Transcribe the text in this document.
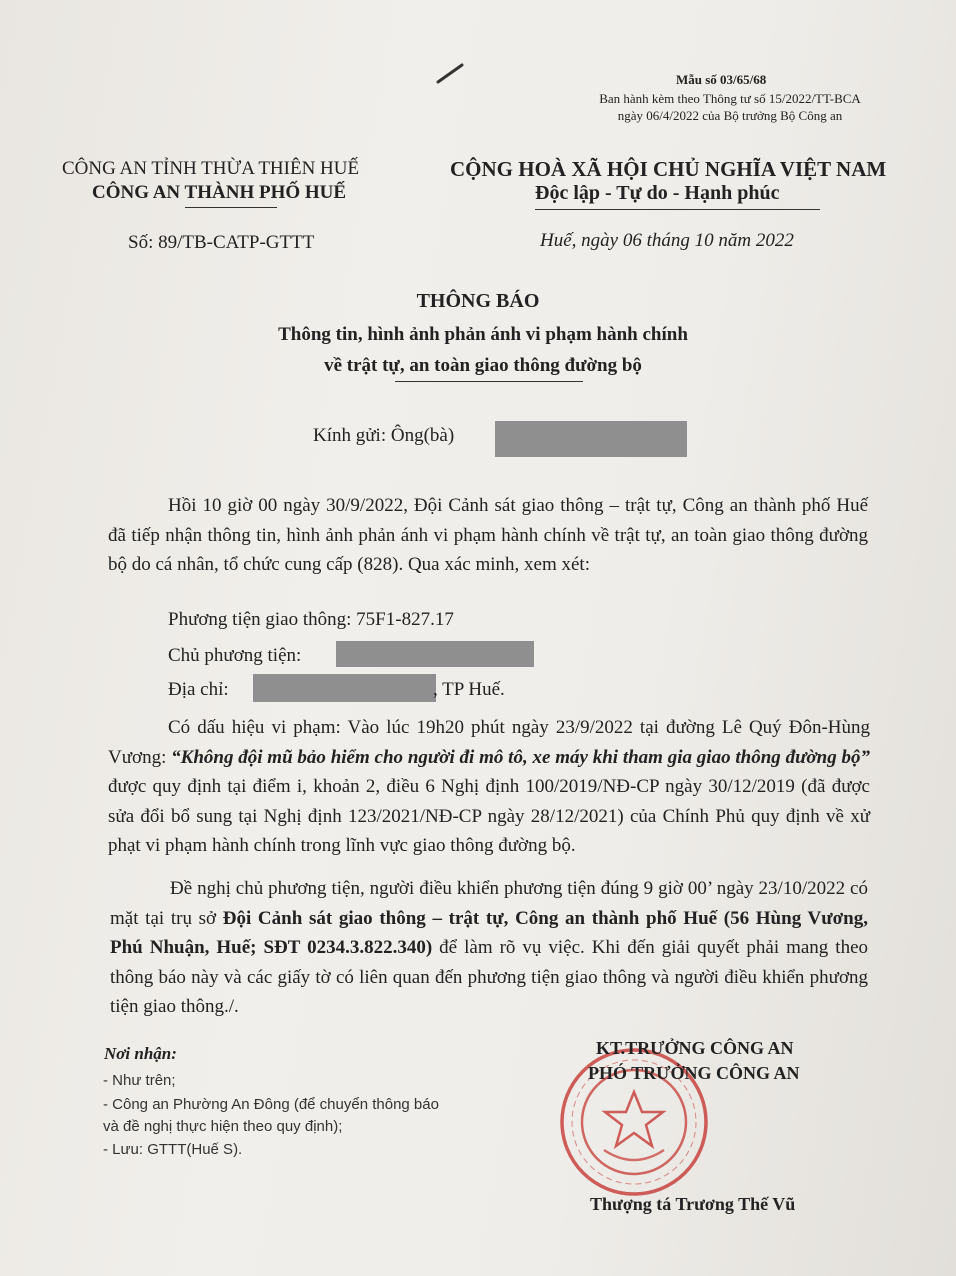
Mẫu số 03/65/68
Ban hành kèm theo Thông tư số 15/2022/TT-BCA
ngày 06/4/2022 của Bộ trưởng Bộ Công an
CÔNG AN TỈNH THỪA THIÊN HUẾ
CÔNG AN THÀNH PHỐ HUẾ
CỘNG HOÀ XÃ HỘI CHỦ NGHĨA VIỆT NAM
Độc lập - Tự do - Hạnh phúc
Số: 89/TB-CATP-GTTT	Huế, ngày 06 tháng 10 năm 2022
THÔNG BÁO
Thông tin, hình ảnh phản ánh vi phạm hành chính
về trật tự, an toàn giao thông đường bộ
Kính gửi: Ông(bà)
Hồi 10 giờ 00 ngày 30/9/2022, Đội Cảnh sát giao thông – trật tự, Công an thành phố Huế đã tiếp nhận thông tin, hình ảnh phản ánh vi phạm hành chính về trật tự, an toàn giao thông đường bộ do cá nhân, tổ chức cung cấp (828). Qua xác minh, xem xét:
Phương tiện giao thông: 75F1-827.17
Chủ phương tiện:
Địa chỉ:	, TP Huế.
Có dấu hiệu vi phạm: Vào lúc 19h20 phút ngày 23/9/2022 tại đường Lê Quý Đôn-Hùng Vương: “Không đội mũ bảo hiểm cho người đi mô tô, xe máy khi tham gia giao thông đường bộ” được quy định tại điểm i, khoản 2, điều 6 Nghị định 100/2019/NĐ-CP ngày 30/12/2019 (đã được sửa đổi bổ sung tại Nghị định 123/2021/NĐ-CP ngày 28/12/2021) của Chính Phủ quy định về xử phạt vi phạm hành chính trong lĩnh vực giao thông đường bộ.
Đề nghị chủ phương tiện, người điều khiển phương tiện đúng 9 giờ 00’ ngày 23/10/2022 có mặt tại trụ sở Đội Cảnh sát giao thông – trật tự, Công an thành phố Huế (56 Hùng Vương, Phú Nhuận, Huế; SĐT 0234.3.822.340) để làm rõ vụ việc. Khi đến giải quyết phải mang theo thông báo này và các giấy tờ có liên quan đến phương tiện giao thông và người điều khiển phương tiện giao thông./.
Nơi nhận:
- Như trên;
- Công an Phường An Đông (để chuyển thông báo
và đề nghị thực hiện theo quy định);
- Lưu: GTTT(Huế S).
KT.TRƯỞNG CÔNG AN
PHÓ TRƯỞNG CÔNG AN
Thượng tá Trương Thế Vũ
